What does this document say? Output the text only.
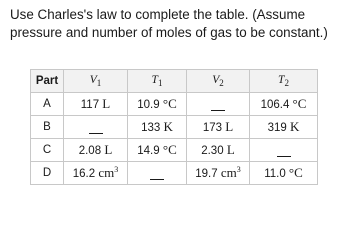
Use Charles's law to complete the table. (Assume pressure and number of moles of gas to be constant.)

Part	$V_1$	$T_1$	$V_2$	$T_2$
A	117 L	10.9 °C		106.4 °C
B		133 K	173 L	319 K
C	2.08 L	14.9 °C	2.30 L	
D	16.2 $cm^3$		19.7 $cm^3$	11.0 °C
